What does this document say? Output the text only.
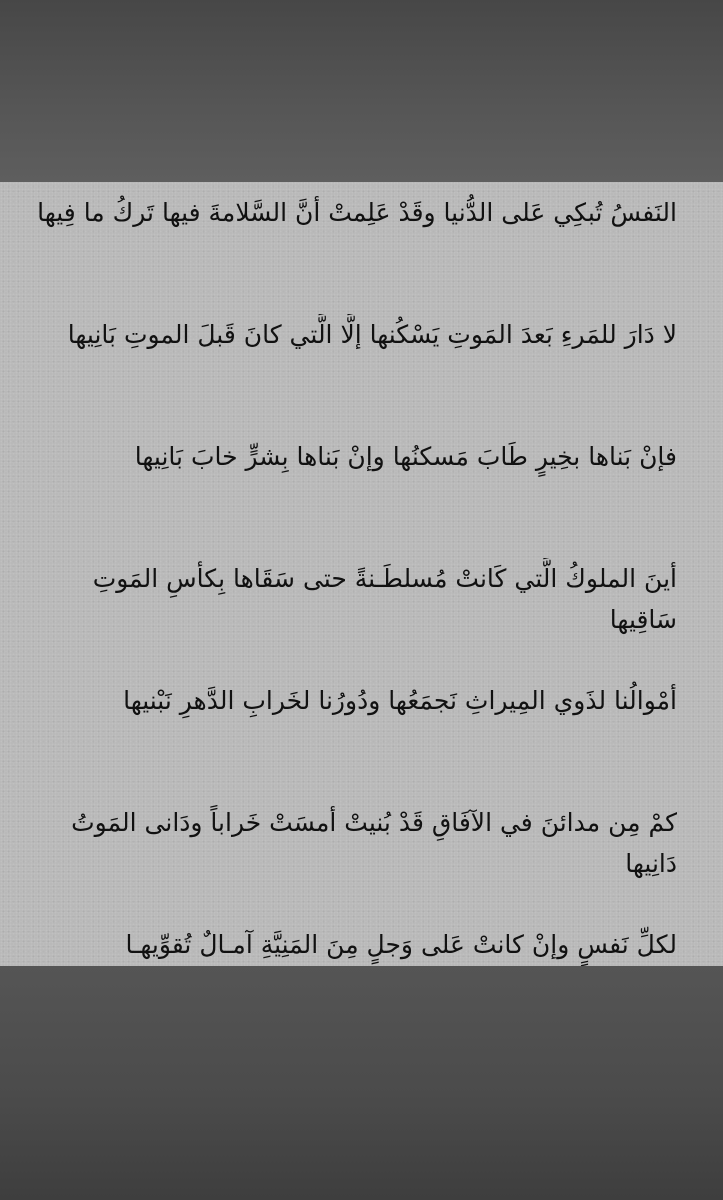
النَفسُ تُبكِي عَلى الدُّنيا وقَدْ عَلِمتْ أنَّ السَّلامةَ فيها تَركُ ما فِيها

لا دَارَ للمَرءِ بَعدَ المَوتِ يَسْكُنها إلَّا الَّتي كانَ قَبلَ الموتِ بَانِيها

فإنْ بَناها بخِيرٍ طَابَ مَسكنُها وإنْ بَناها بِشرٍّ خابَ بَانِيها

أينَ الملوكُ الَّتي كَانتْ مُسلطَـنةً حتى سَقَاها بِكأسِ المَوتِ سَاقِيها

أمْوالُنا لذَوي المِيراثِ نَجمَعُها ودُورُنا لخَرابِ الدَّهرِ نَبْنيها

كمْ مِن مدائنَ في الآفَاقِ قَدْ بُنيتْ أمسَتْ خَراباً ودَانى المَوتُ دَانِيها

لكلِّ نَفسٍ وإنْ كانتْ عَلى وَجلٍ مِنَ المَنِيَّةِ آمـالٌ تُقوِّيهـا
